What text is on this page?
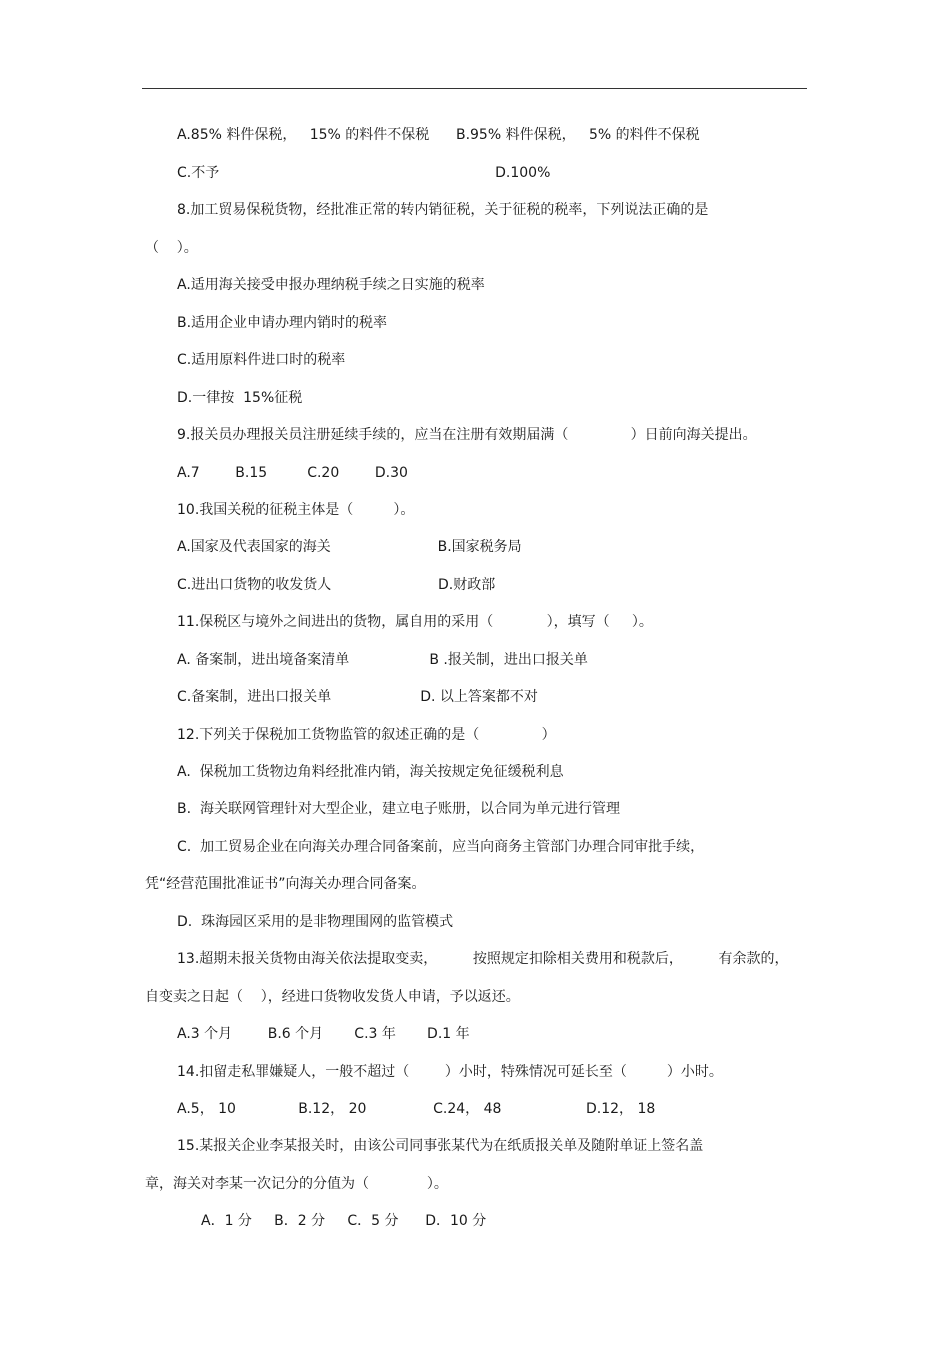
A.85% 料件保税，   15% 的料件不保税      B.95% 料件保税，   5% 的料件不保税
C.不予                                                              D.100%
8.加工贸易保税货物，经批准正常的转内销征税，关于征税的税率，下列说法正确的是
（    ）。
A.适用海关接受申报办理纳税手续之日实施的税率
B.适用企业申请办理内销时的税率
C.适用原料件进口时的税率
D.一律按  15%征税
9.报关员办理报关员注册延续手续的，应当在注册有效期届满（              ）日前向海关提出。
A.7        B.15         C.20        D.30
10.我国关税的征税主体是（         ）。
A.国家及代表国家的海关                        B.国家税务局
C.进出口货物的收发货人                        D.财政部
11.保税区与境外之间进出的货物，属自用的采用（            ），填写（     ）。
A. 备案制，进出境备案清单                  B .报关制，进出口报关单
C.备案制，进出口报关单                    D. 以上答案都不对
12.下列关于保税加工货物监管的叙述正确的是（              ）
A.  保税加工货物边角料经批准内销，海关按规定免征缓税利息
B.  海关联网管理针对大型企业，建立电子账册，以合同为单元进行管理
C.  加工贸易企业在向海关办理合同备案前，应当向商务主管部门办理合同审批手续，
凭“经营范围批准证书”向海关办理合同备案。
D.  珠海园区采用的是非物理围网的监管模式
13.超期未报关货物由海关依法提取变卖，        按照规定扣除相关费用和税款后，        有余款的，
自变卖之日起（    ），经进口货物收发货人申请，予以返还。
A.3 个月        B.6 个月       C.3 年       D.1 年
14.扣留走私罪嫌疑人，一般不超过（        ）小时，特殊情况可延长至（         ）小时。
A.5， 10              B.12， 20               C.24， 48                   D.12， 18
15.某报关企业李某报关时，由该公司同事张某代为在纸质报关单及随附单证上签名盖
章，海关对李某一次记分的分值为（             ）。
A．1 分     B．2 分     C．5 分      D．10 分
